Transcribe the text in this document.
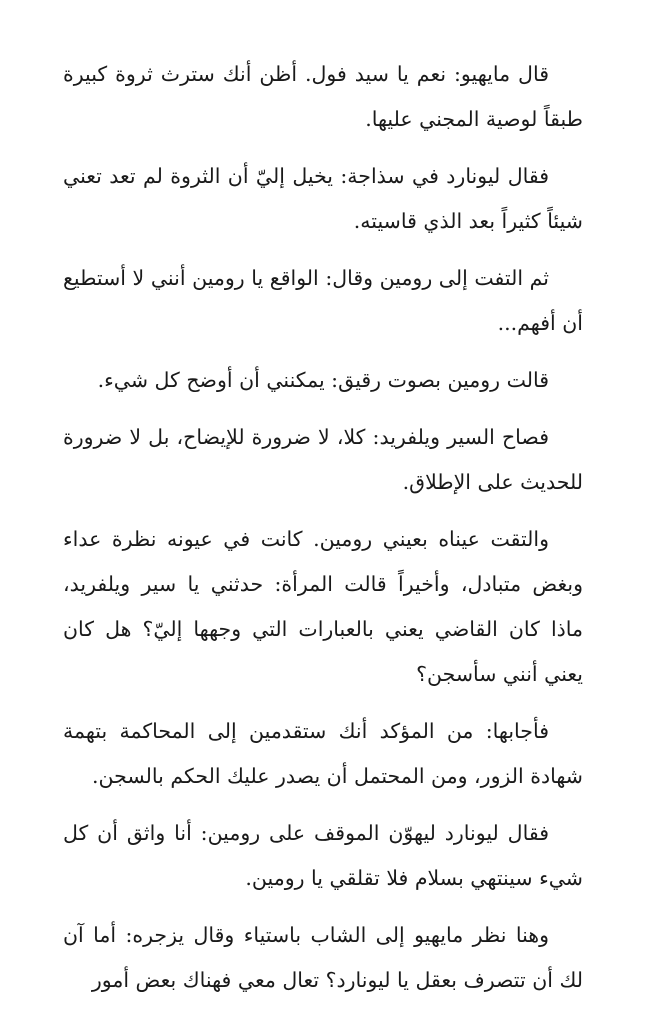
قال مايهيو: نعم يا سيد فول. أظن أنك سترث ثروة كبيرة طبقاً لوصية المجني عليها.

فقال ليونارد في سذاجة: يخيل إليّ أن الثروة لم تعد تعني شيئاً كثيراً بعد الذي قاسيته.

ثم التفت إلى رومين وقال: الواقع يا رومين أنني لا أستطيع أن أفهم...

قالت رومين بصوت رقيق: يمكنني أن أوضح كل شيء.

فصاح السير ويلفريد: كلا، لا ضرورة للإيضاح، بل لا ضرورة للحديث على الإطلاق.

والتقت عيناه بعيني رومين. كانت في عيونه نظرة عداء وبغض متبادل، وأخيراً قالت المرأة: حدثني يا سير ويلفريد، ماذا كان القاضي يعني بالعبارات التي وجهها إليّ؟ هل كان يعني أنني سأسجن؟

فأجابها: من المؤكد أنك ستقدمين إلى المحاكمة بتهمة شهادة الزور، ومن المحتمل أن يصدر عليك الحكم بالسجن.

فقال ليونارد ليهوّن الموقف على رومين: أنا واثق أن كل شيء سينتهي بسلام فلا تقلقي يا رومين.

وهنا نظر مايهيو إلى الشاب باستياء وقال يزجره: أما آن لك أن تتصرف بعقل يا ليونارد؟ تعال معي فهناك بعض أمور
